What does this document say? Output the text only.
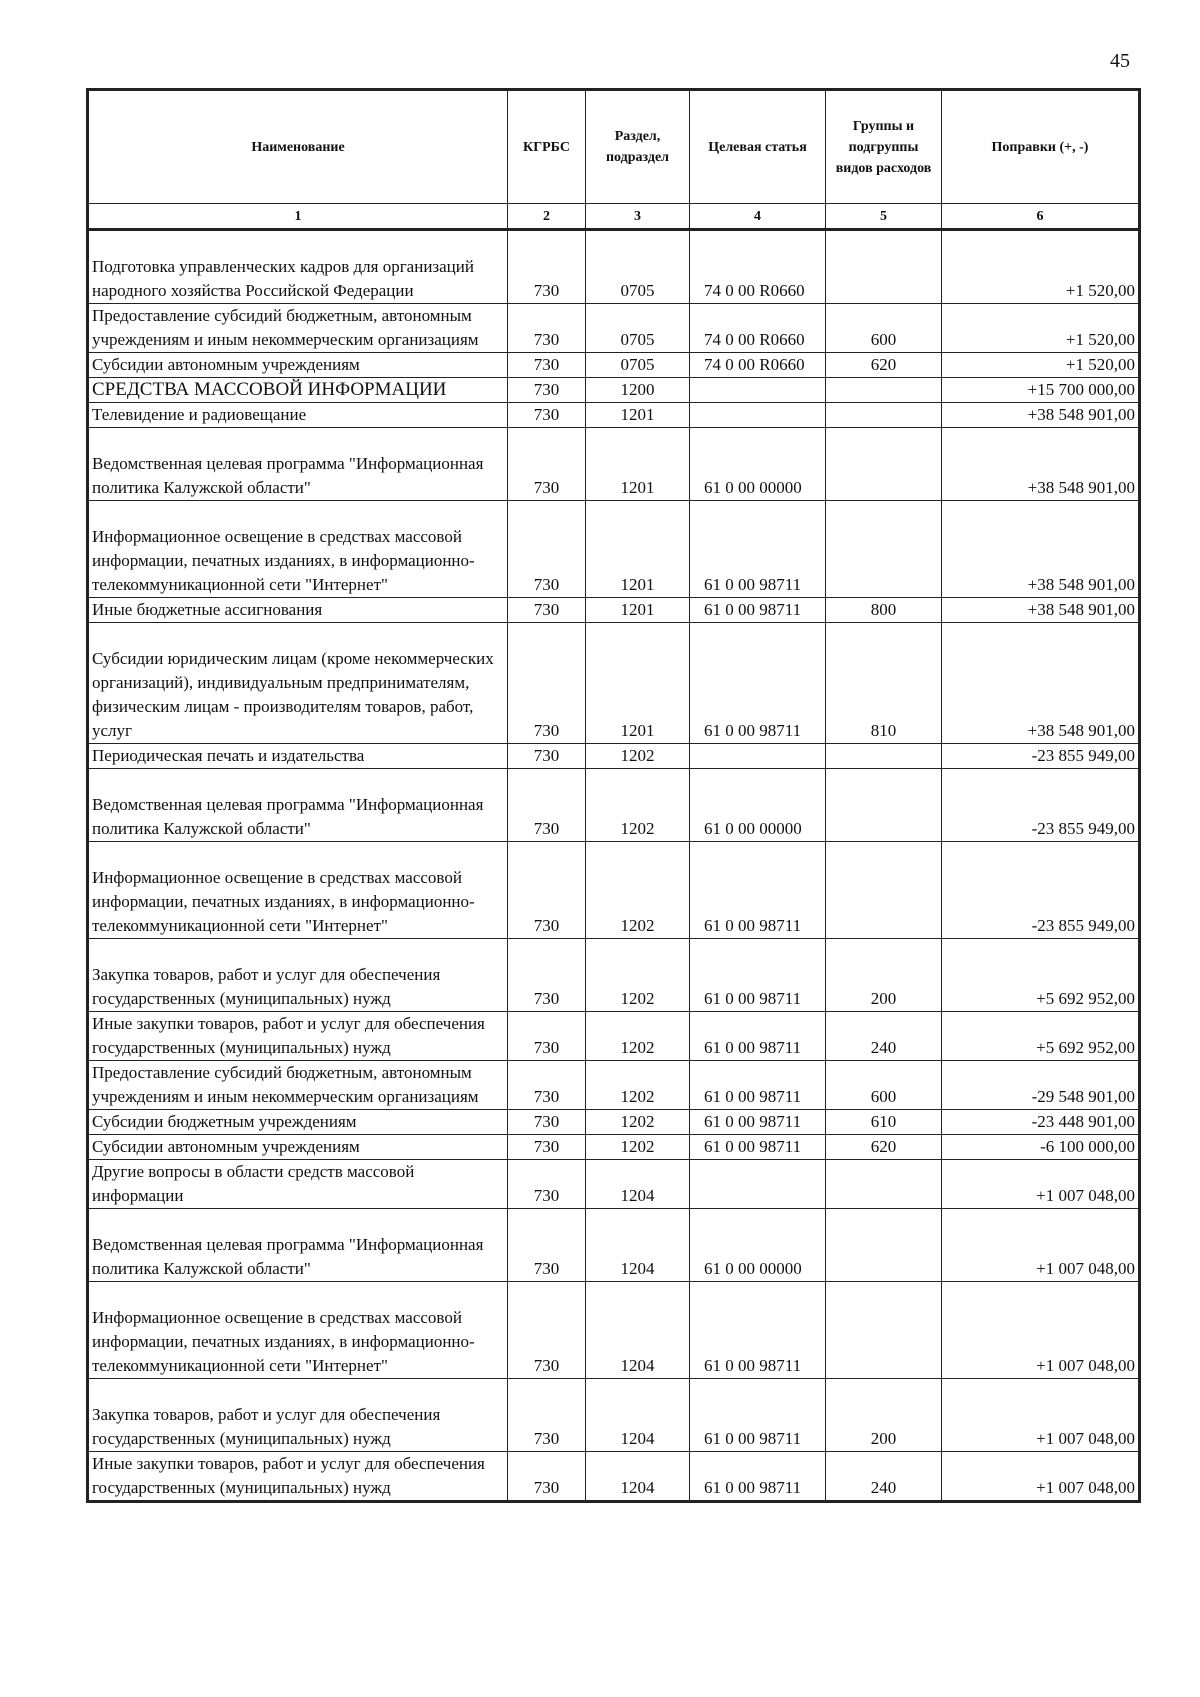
45
Наименование	КГРБС	Раздел, подраздел	Целевая статья	Группы и подгруппы видов расходов	Поправки (+, -)
1	2	3	4	5	6
Подготовка управленческих кадров для организаций народного хозяйства Российской Федерации	730	0705	74 0 00 R0660		+1 520,00
Предоставление субсидий бюджетным, автономным учреждениям и иным некоммерческим организациям	730	0705	74 0 00 R0660	600	+1 520,00
Субсидии автономным учреждениям	730	0705	74 0 00 R0660	620	+1 520,00
СРЕДСТВА МАССОВОЙ ИНФОРМАЦИИ	730	1200			+15 700 000,00
Телевидение и радиовещание	730	1201			+38 548 901,00
Ведомственная целевая программа "Информационная политика Калужской области"	730	1201	61 0 00 00000		+38 548 901,00
Информационное освещение в средствах массовой информации, печатных изданиях, в информационно-телекоммуникационной сети "Интернет"	730	1201	61 0 00 98711		+38 548 901,00
Иные бюджетные ассигнования	730	1201	61 0 00 98711	800	+38 548 901,00
Субсидии юридическим лицам (кроме некоммерческих организаций), индивидуальным предпринимателям, физическим лицам - производителям товаров, работ, услуг	730	1201	61 0 00 98711	810	+38 548 901,00
Периодическая печать и издательства	730	1202			-23 855 949,00
Ведомственная целевая программа "Информационная политика Калужской области"	730	1202	61 0 00 00000		-23 855 949,00
Информационное освещение в средствах массовой информации, печатных изданиях, в информационно-телекоммуникационной сети "Интернет"	730	1202	61 0 00 98711		-23 855 949,00
Закупка товаров, работ и услуг для обеспечения государственных (муниципальных) нужд	730	1202	61 0 00 98711	200	+5 692 952,00
Иные закупки товаров, работ и услуг для обеспечения государственных (муниципальных) нужд	730	1202	61 0 00 98711	240	+5 692 952,00
Предоставление субсидий бюджетным, автономным учреждениям и иным некоммерческим организациям	730	1202	61 0 00 98711	600	-29 548 901,00
Субсидии бюджетным учреждениям	730	1202	61 0 00 98711	610	-23 448 901,00
Субсидии автономным учреждениям	730	1202	61 0 00 98711	620	-6 100 000,00
Другие вопросы в области средств массовой информации	730	1204			+1 007 048,00
Ведомственная целевая программа "Информационная политика Калужской области"	730	1204	61 0 00 00000		+1 007 048,00
Информационное освещение в средствах массовой информации, печатных изданиях, в информационно-телекоммуникационной сети "Интернет"	730	1204	61 0 00 98711		+1 007 048,00
Закупка товаров, работ и услуг для обеспечения государственных (муниципальных) нужд	730	1204	61 0 00 98711	200	+1 007 048,00
Иные закупки товаров, работ и услуг для обеспечения государственных (муниципальных) нужд	730	1204	61 0 00 98711	240	+1 007 048,00
